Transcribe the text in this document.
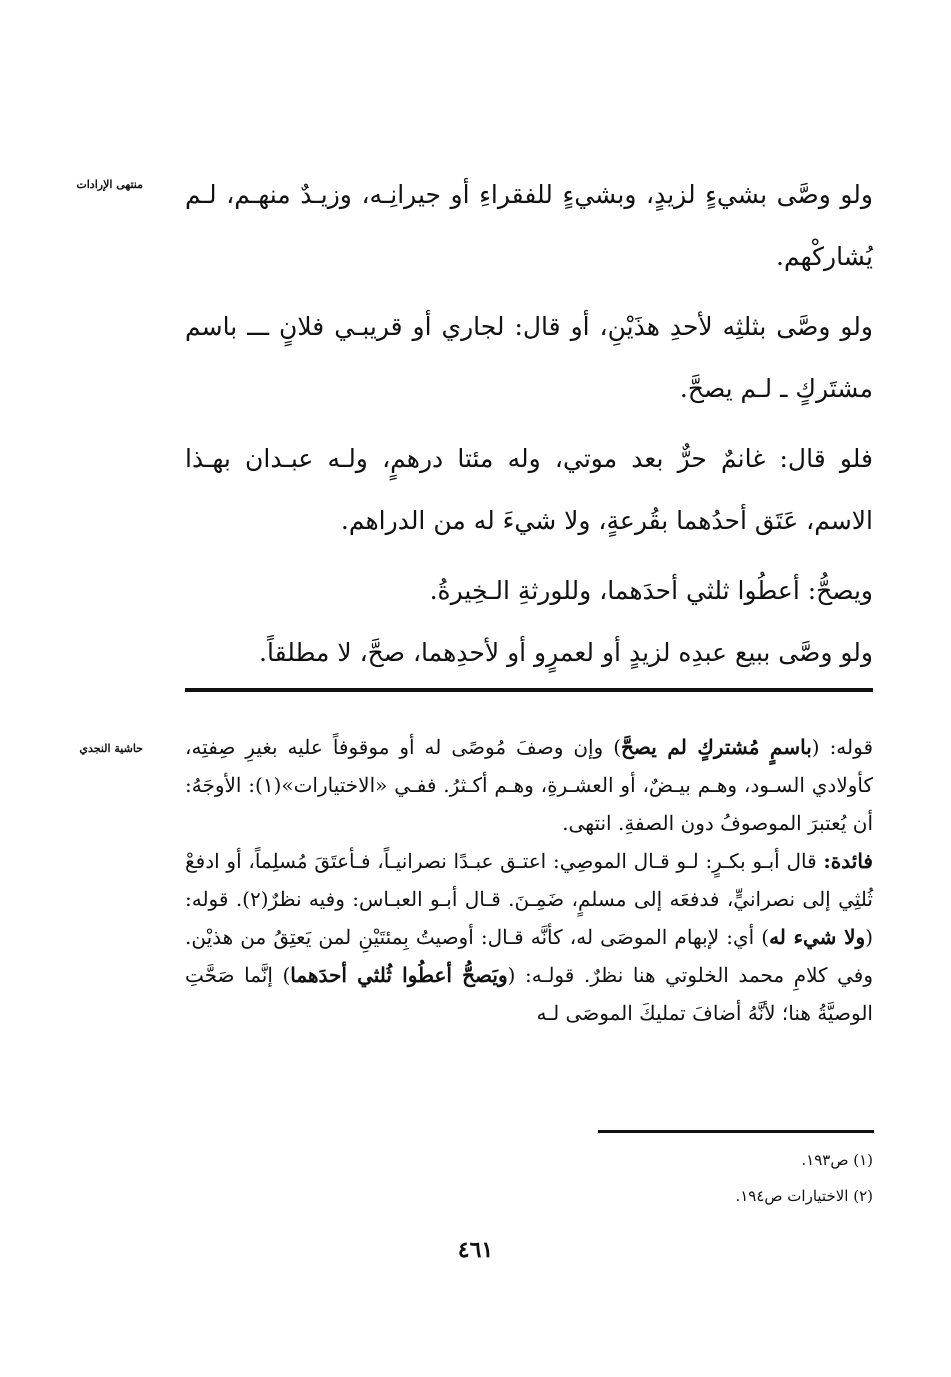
منتهى الإرادات ولو وصَّى بشيءٍ لزيدٍ، وبشيءٍ للفقراءِ أو جيرانِـه، وزيـدٌ منهـم، لـم يُشاركْهم.

ولو وصَّى بثلثِه لأحدِ هذَيْنِ، أو قال: لجاري أو قريبـي فلانٍ ـــ باسم مشتَركٍ ـ لـم يصحَّ.

فلو قال: غانمٌ حرٌّ بعد موتي، وله مئتا درهمٍ، ولـه عبـدان بهـذا الاسم، عَتَق أحدُهما بقُرعةٍ، ولا شيءَ له من الدراهم.

ويصحُّ: أعطُوا ثلثي أحدَهما، وللورثةِ الـخِيرةُ.

ولو وصَّى ببيع عبدِه لزيدٍ أو لعمرٍو أو لأحدِهما، صحَّ، لا مطلقاً.

حاشية النجدي	قوله: (باسمٍ مُشتركٍ لم يصحَّ) وإن وصفَ مُوصًى له أو موقوفاً عليه بغيرِ صِفتِه، كأولادي السـود، وهـم بيـضٌ، أو العشـرةِ، وهـم أكـثرُ. ففـي «الاختيارات»(١): الأوجَهُ: أن يُعتبرَ الموصوفُ دون الصفةِ. انتهى.

فائدة: قال أبـو بكـرٍ: لـو قـال الموصِي: اعتـق عبـدًا نصرانيـاً، فـأعتَقَ مُسلِماً، أو ادفعْ ثُلثِي إلى نصرانيٍّ، فدفعَه إلى مسلمٍ، ضَمِـنَ. قـال أبـو العبـاس: وفيه نظرٌ(٢). قوله: (ولا شيء له) أي: لإبهام الموصَى له، كأنَّه قـال: أوصيتُ بِمئتَيْنِ لمن يَعتِقُ من هذيْن. وفي كلامِ محمد الخلوتي هنا نظرٌ. قولـه: (ويَصحُّ أعطُوا ثُلثي أحدَهما) إنَّما صَحَّتِ الوصيَّةُ هنا؛ لأنَّهُ أضافَ تمليكَ الموصَى لـه

(١) ص١٩٣.
(٢) الاختيارات ص١٩٤.
٤٦١
